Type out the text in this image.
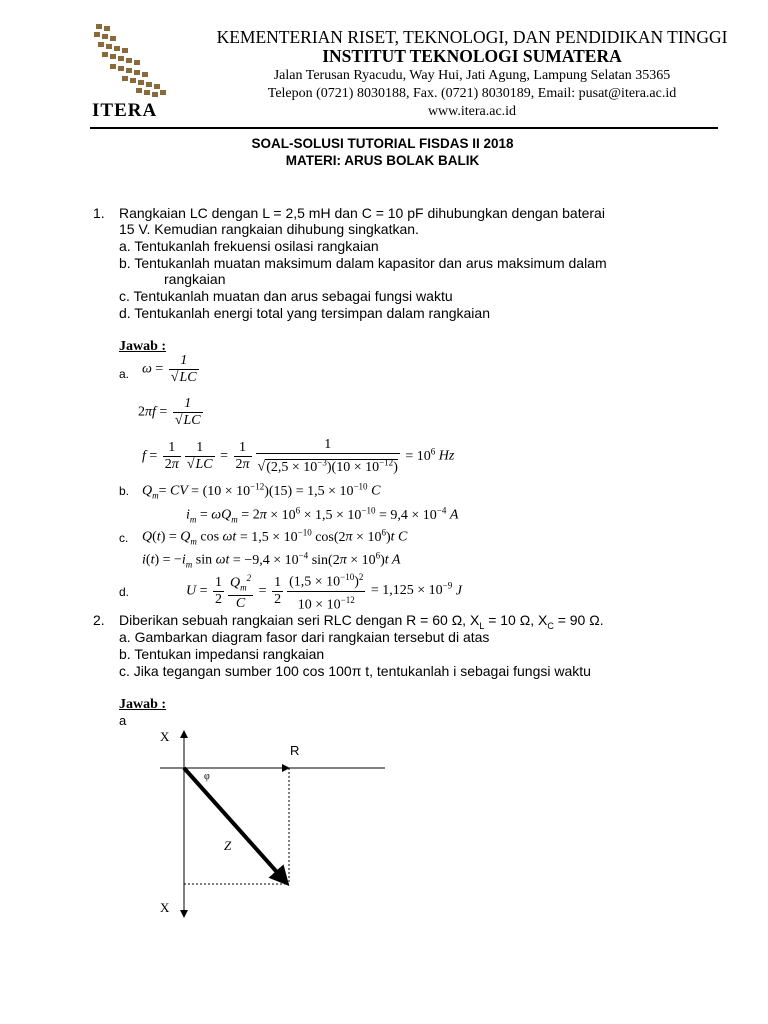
ITERA
KEMENTERIAN RISET, TEKNOLOGI, DAN PENDIDIKAN TINGGI
INSTITUT TEKNOLOGI SUMATERA
Jalan Terusan Ryacudu, Way Hui, Jati Agung, Lampung Selatan 35365
Telepon (0721) 8030188, Fax. (0721) 8030189, Email: pusat@itera.ac.id
www.itera.ac.id
SOAL-SOLUSI TUTORIAL FISDAS II 2018
MATERI: ARUS BOLAK BALIK
1. Rangkaian LC dengan L = 2,5 mH dan C = 10 pF dihubungkan dengan baterai
15 V. Kemudian rangkaian dihubung singkatkan.
a. Tentukanlah frekuensi osilasi rangkaian
b. Tentukanlah muatan maksimum dalam kapasitor dan arus maksimum dalam
rangkaian
c. Tentukanlah muatan dan arus sebagai fungsi waktu
d. Tentukanlah energi total yang tersimpan dalam rangkaian
Jawab :
a. $\omega = \frac{1}{√LC}$
$2\pi f = \frac{1}{√LC}$
$f = \frac{1}{2\pi} \frac{1}{√LC} = \frac{1}{2\pi} \frac{1}{√(2,5 \times 10^{-3})(10 \times 10^{-12})} = 10^6$ Hz
b. $Q_m=$ CV = $(10 \times 10^{-12})(15) = 1,5 \times 10^{-10}$ C
$i_m = \omega Q_m = 2\pi \times 10^6 \times 1,5 \times 10^{-10} = 9,4 \times 10^{-4}$ A
c. $Q(t) = Q_m$ $\cos \omega t = 1,5 \times 10^{-10}$ $\cos(2\pi \times 10^6)t$ C
$i(t) = -i_m$ $\sin \omega t = -9,4 \times 10^{-4}$ $\sin(2\pi \times 10^6)t$ A
d.	$U = \frac{1}{2} \frac{Q_m^2}{C} = \frac{1}{2} \frac{(1,5 \times 10^{-10})^2}{10 \times 10^{-12}} = 1,125 \times 10^{-9}$ J
2. Diberikan sebuah rangkaian seri RLC dengan R = 60 Ω, $X_L = 10$ Ω, $X_C = 90$ Ω.
a. Gambarkan diagram fasor dari rangkaian tersebut di atas
b. Tentukan impedansi rangkaian
c. Jika tegangan sumber 100 cos 100π t, tentukanlah i sebagai fungsi waktu
Jawab :
a
X
X
R
φ
Z
